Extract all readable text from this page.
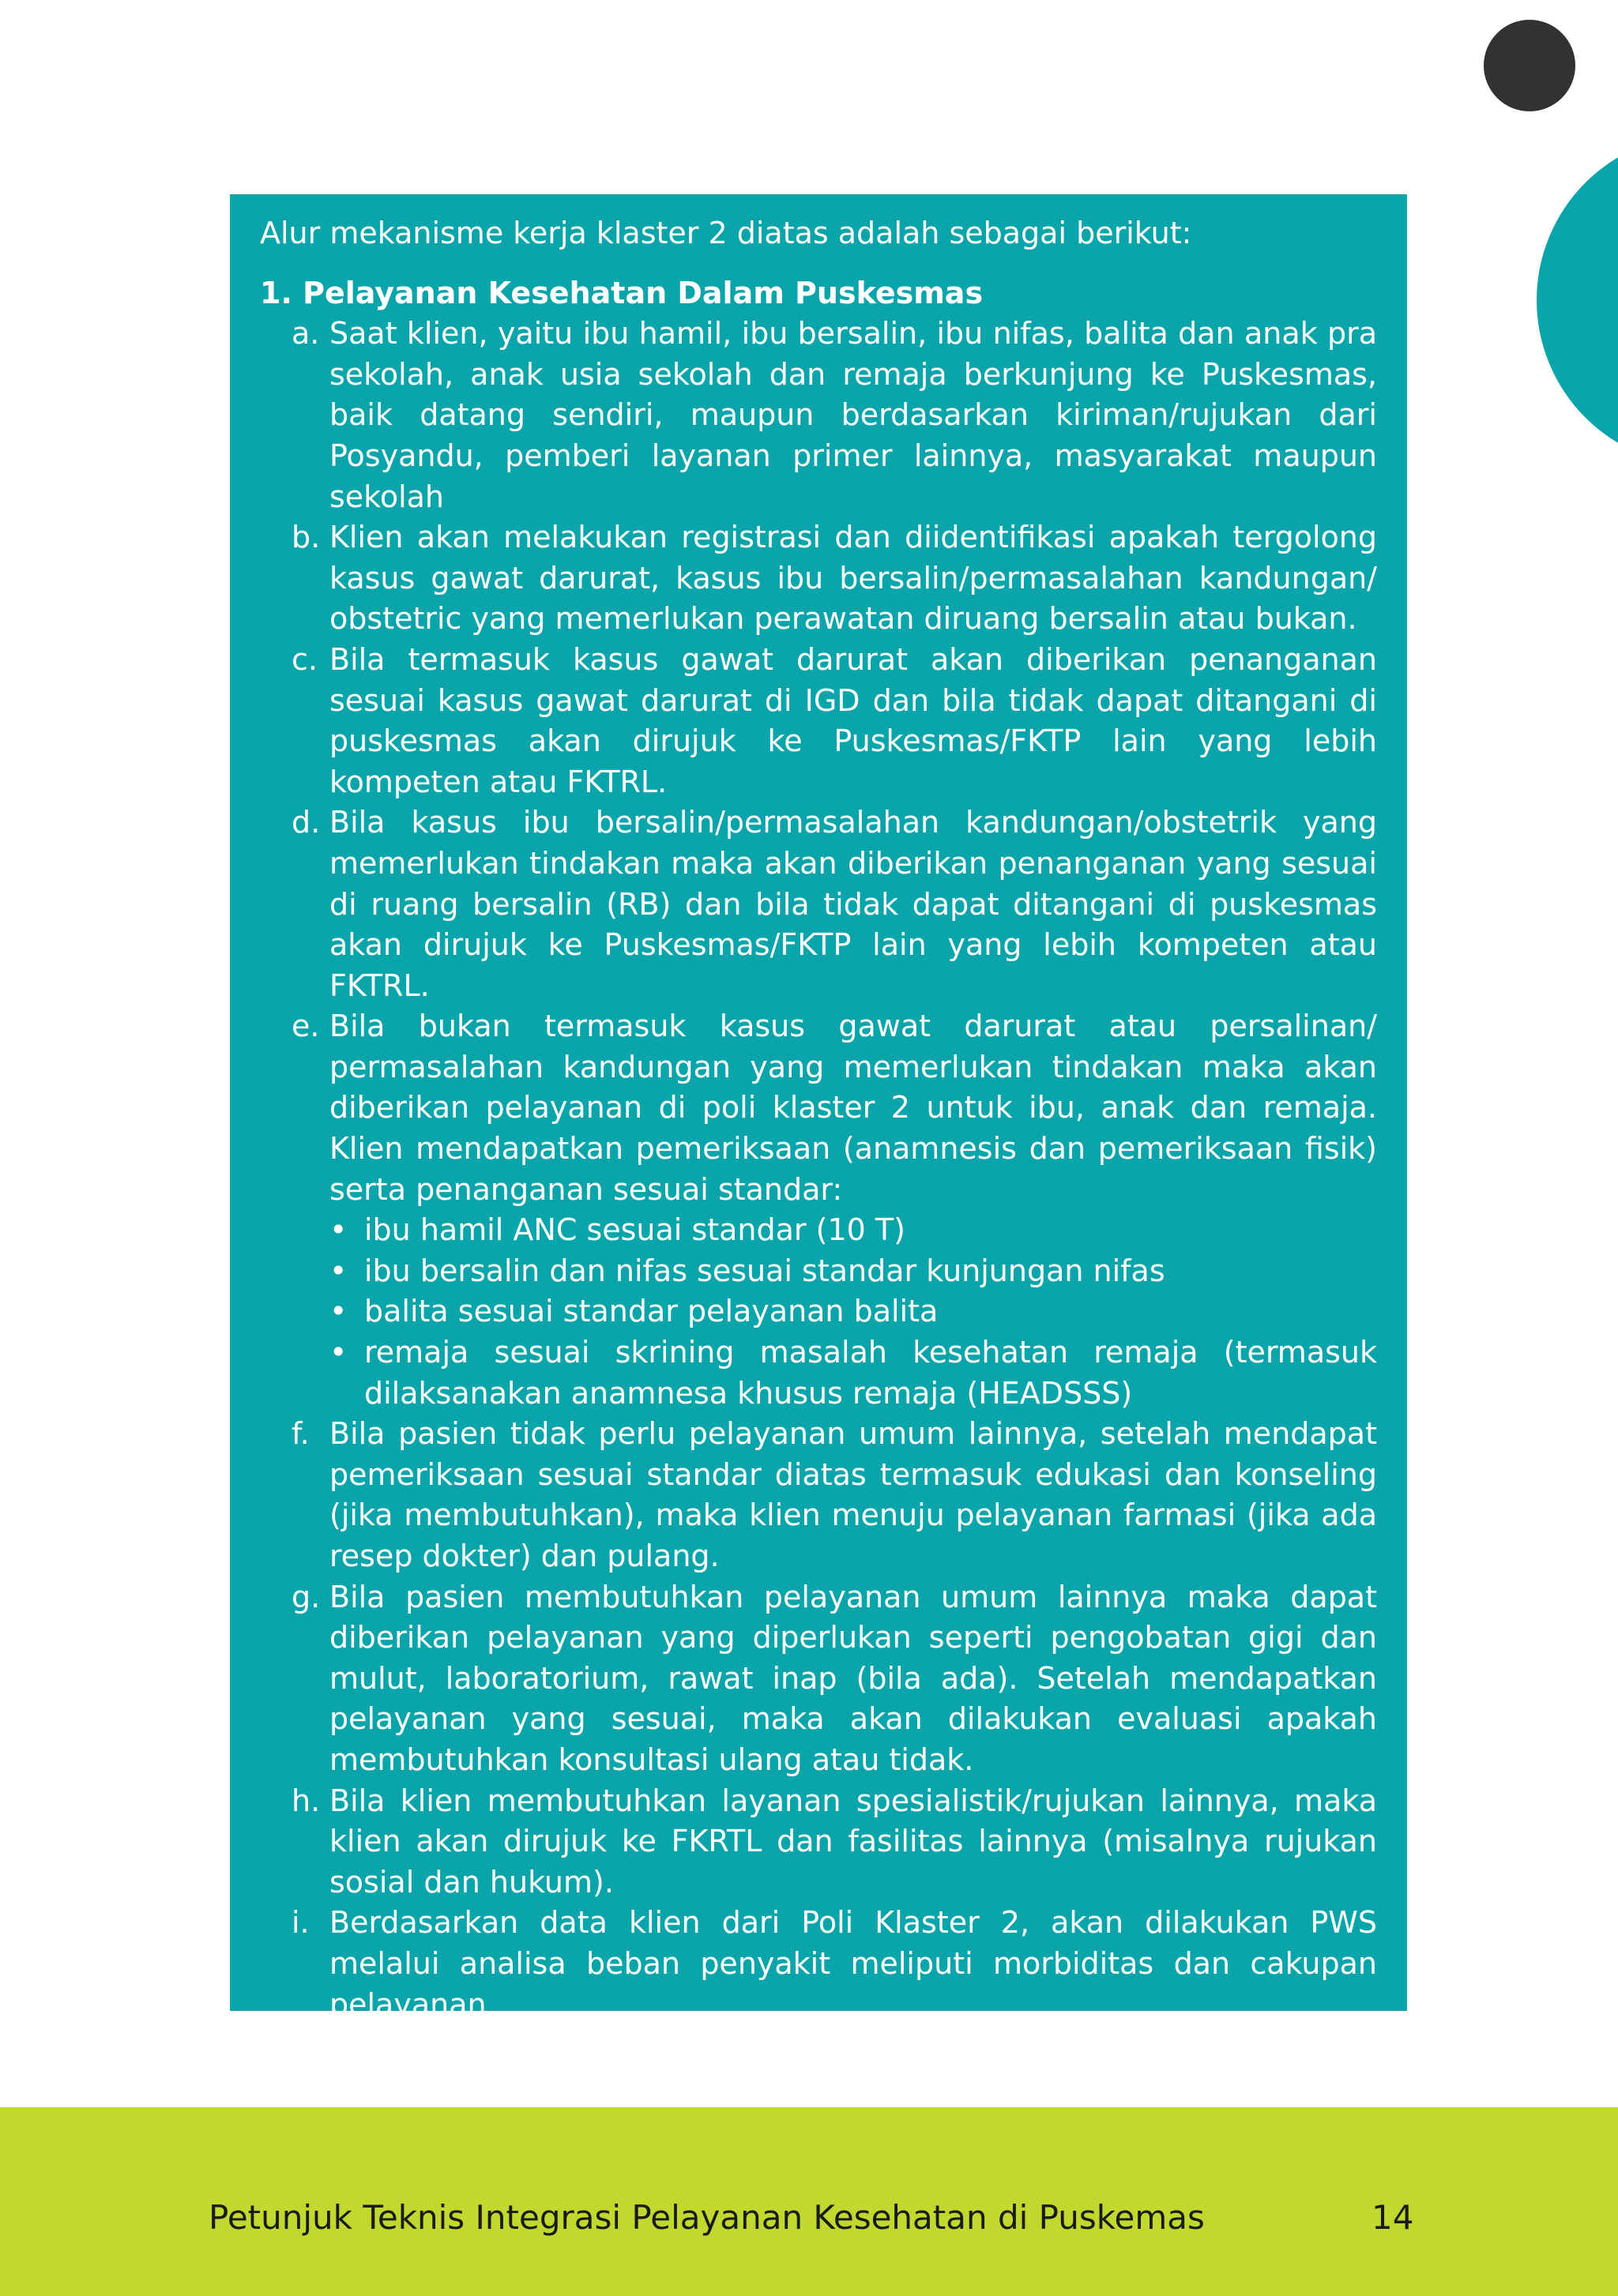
Alur mekanisme kerja klaster 2 diatas adalah sebagai berikut:

1. Pelayanan Kesehatan Dalam Puskesmas

a. Saat klien, yaitu ibu hamil, ibu bersalin, ibu nifas, balita dan anak pra sekolah, anak usia sekolah dan remaja berkunjung ke Puskesmas, baik datang sendiri, maupun berdasarkan kiriman/rujukan dari Posyandu, pemberi layanan primer lainnya, masyarakat maupun sekolah
b. Klien akan melakukan registrasi dan diidentifikasi apakah tergolong kasus gawat darurat, kasus ibu bersalin/permasalahan kandungan/ obstetric yang memerlukan perawatan diruang bersalin atau bukan.
c. Bila termasuk kasus gawat darurat akan diberikan penanganan sesuai kasus gawat darurat di IGD dan bila tidak dapat ditangani di puskesmas akan dirujuk ke Puskesmas/FKTP lain yang lebih kompeten atau FKTRL.
d. Bila kasus ibu bersalin/permasalahan kandungan/obstetrik yang memerlukan tindakan maka akan diberikan penanganan yang sesuai di ruang bersalin (RB) dan bila tidak dapat ditangani di puskesmas akan dirujuk ke Puskesmas/FKTP lain yang lebih kompeten atau FKTRL.
e. Bila bukan termasuk kasus gawat darurat atau persalinan/ permasalahan kandungan yang memerlukan tindakan maka akan diberikan pelayanan di poli klaster 2 untuk ibu, anak dan remaja. Klien mendapatkan pemeriksaan (anamnesis dan pemeriksaan fisik) serta penanganan sesuai standar:
• ibu hamil ANC sesuai standar (10 T)
• ibu bersalin dan nifas sesuai standar kunjungan nifas
• balita sesuai standar pelayanan balita
• remaja sesuai skrining masalah kesehatan remaja (termasuk dilaksanakan anamnesa khusus remaja (HEADSSS)
f. Bila pasien tidak perlu pelayanan umum lainnya, setelah mendapat pemeriksaan sesuai standar diatas termasuk edukasi dan konseling (jika membutuhkan), maka klien menuju pelayanan farmasi (jika ada resep dokter) dan pulang.
g. Bila pasien membutuhkan pelayanan umum lainnya maka dapat diberikan pelayanan yang diperlukan seperti pengobatan gigi dan mulut, laboratorium, rawat inap (bila ada). Setelah mendapatkan pelayanan yang sesuai, maka akan dilakukan evaluasi apakah membutuhkan konsultasi ulang atau tidak.
h. Bila klien membutuhkan layanan spesialistik/rujukan lainnya, maka klien akan dirujuk ke FKRTL dan fasilitas lainnya (misalnya rujukan sosial dan hukum).
i. Berdasarkan data klien dari Poli Klaster 2, akan dilakukan PWS melalui analisa beban penyakit meliputi morbiditas dan cakupan pelayanan.
Petunjuk Teknis Integrasi Pelayanan Kesehatan di Puskemas	14
